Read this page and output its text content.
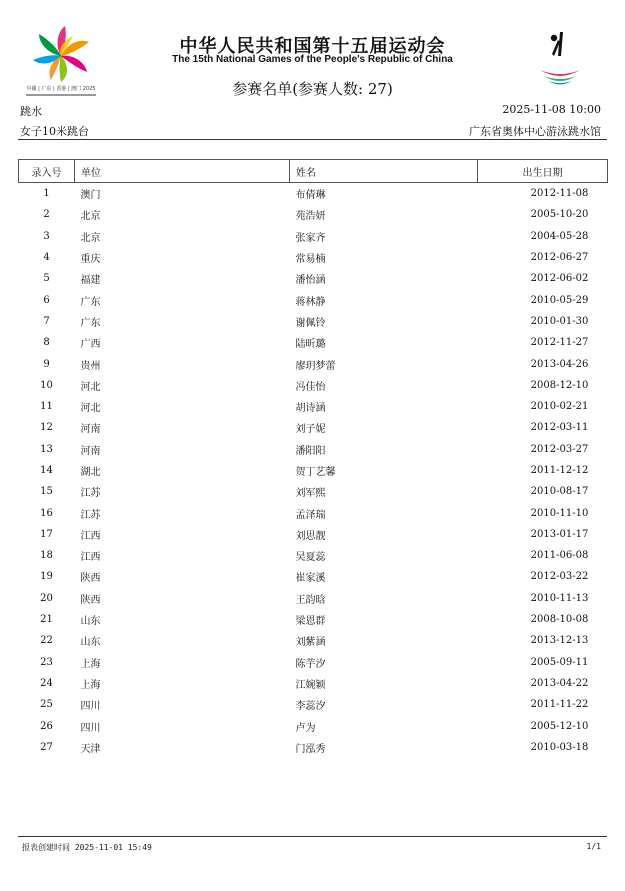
中國 | 广东 | 香港 | 澳门 2025
中华人民共和国第十五届运动会
The 15th National Games of the People's Republic of China
参赛名单(参赛人数: 27)
跳水	2025-11-08 10:00
女子10米跳台	广东省奥体中心游泳跳水馆
录入号	单位	姓名	出生日期
1	澳门	布倩琳	2012-11-08
2	北京	苑浩妍	2005-10-20
3	北京	张家齐	2004-05-28
4	重庆	常易楠	2012-06-27
5	福建	潘怡涵	2012-06-02
6	广东	蒋林静	2010-05-29
7	广东	谢佩铃	2010-01-30
8	广西	陆昕璐	2012-11-27
9	贵州	廖玥梦蕾	2013-04-26
10	河北	冯佳怡	2008-12-10
11	河北	胡诗涵	2010-02-21
12	河南	刘子妮	2012-03-11
13	河南	潘阳阳	2012-03-27
14	湖北	贺丁艺馨	2011-12-12
15	江苏	刘军熙	2010-08-17
16	江苏	孟泽瑞	2010-11-10
17	江西	刘思靓	2013-01-17
18	江西	吴夏蕊	2011-06-08
19	陕西	崔家溪	2012-03-22
20	陕西	王韵晗	2010-11-13
21	山东	梁恩群	2008-10-08
22	山东	刘紫涵	2013-12-13
23	上海	陈芋汐	2005-09-11
24	上海	江婉颖	2013-04-22
25	四川	李蕊汐	2011-11-22
26	四川	卢为	2005-12-10
27	天津	门泓秀	2010-03-18
报表创建时间 2025-11-01 15:49	1/1
